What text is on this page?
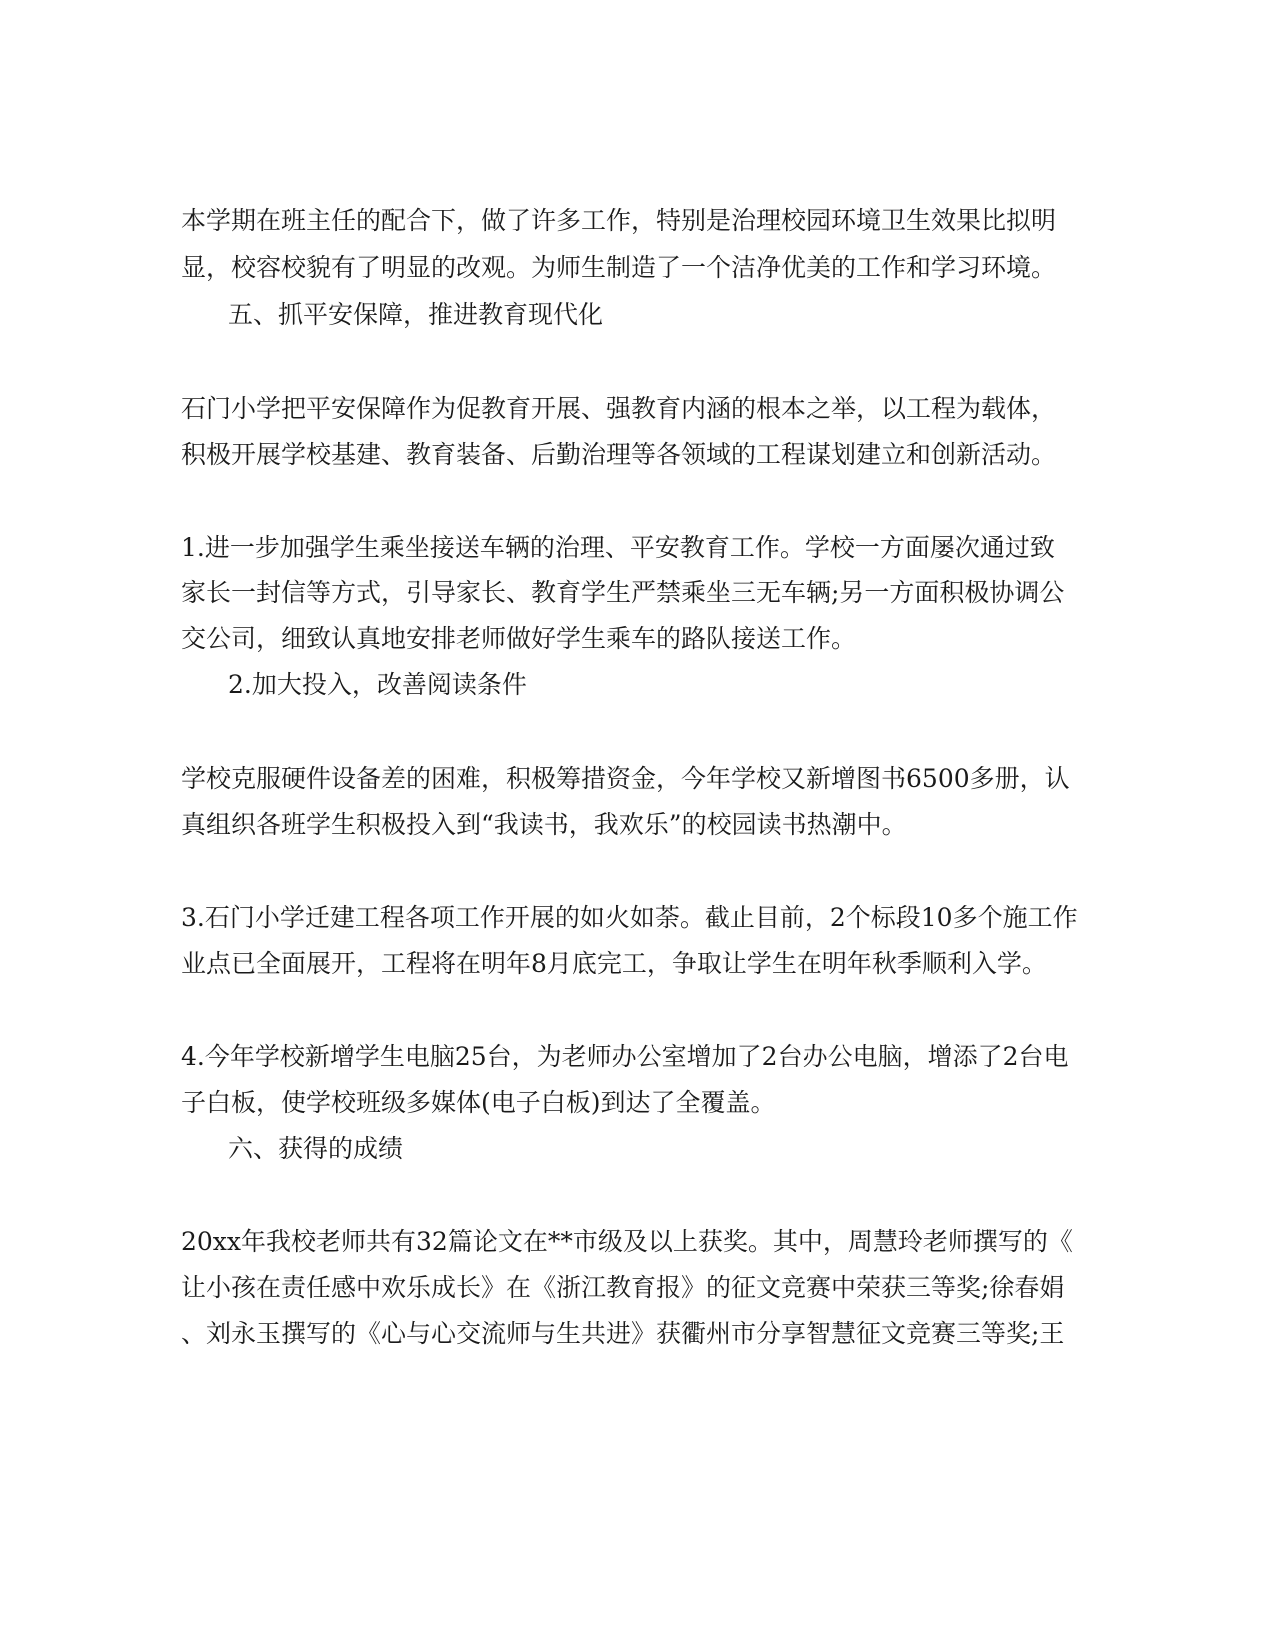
本学期在班主任的配合下，做了许多工作，特别是治理校园环境卫生效果比拟明
显，校容校貌有了明显的改观。为师生制造了一个洁净优美的工作和学习环境。
五、抓平安保障，推进教育现代化
石门小学把平安保障作为促教育开展、强教育内涵的根本之举，以工程为载体，
积极开展学校基建、教育装备、后勤治理等各领域的工程谋划建立和创新活动。
1.进一步加强学生乘坐接送车辆的治理、平安教育工作。学校一方面屡次通过致
家长一封信等方式，引导家长、教育学生严禁乘坐三无车辆;另一方面积极协调公
交公司，细致认真地安排老师做好学生乘车的路队接送工作。
2.加大投入，改善阅读条件
学校克服硬件设备差的困难，积极筹措资金，今年学校又新增图书6500多册，认
真组织各班学生积极投入到“我读书，我欢乐”的校园读书热潮中。
3.石门小学迁建工程各项工作开展的如火如荼。截止目前，2个标段10多个施工作
业点已全面展开，工程将在明年8月底完工，争取让学生在明年秋季顺利入学。
4.今年学校新增学生电脑25台，为老师办公室增加了2台办公电脑，增添了2台电
子白板，使学校班级多媒体(电子白板)到达了全覆盖。
六、获得的成绩
20xx年我校老师共有32篇论文在**市级及以上获奖。其中，周慧玲老师撰写的《
让小孩在责任感中欢乐成长》在《浙江教育报》的征文竞赛中荣获三等奖;徐春娟
、刘永玉撰写的《心与心交流师与生共进》获衢州市分享智慧征文竞赛三等奖;王
